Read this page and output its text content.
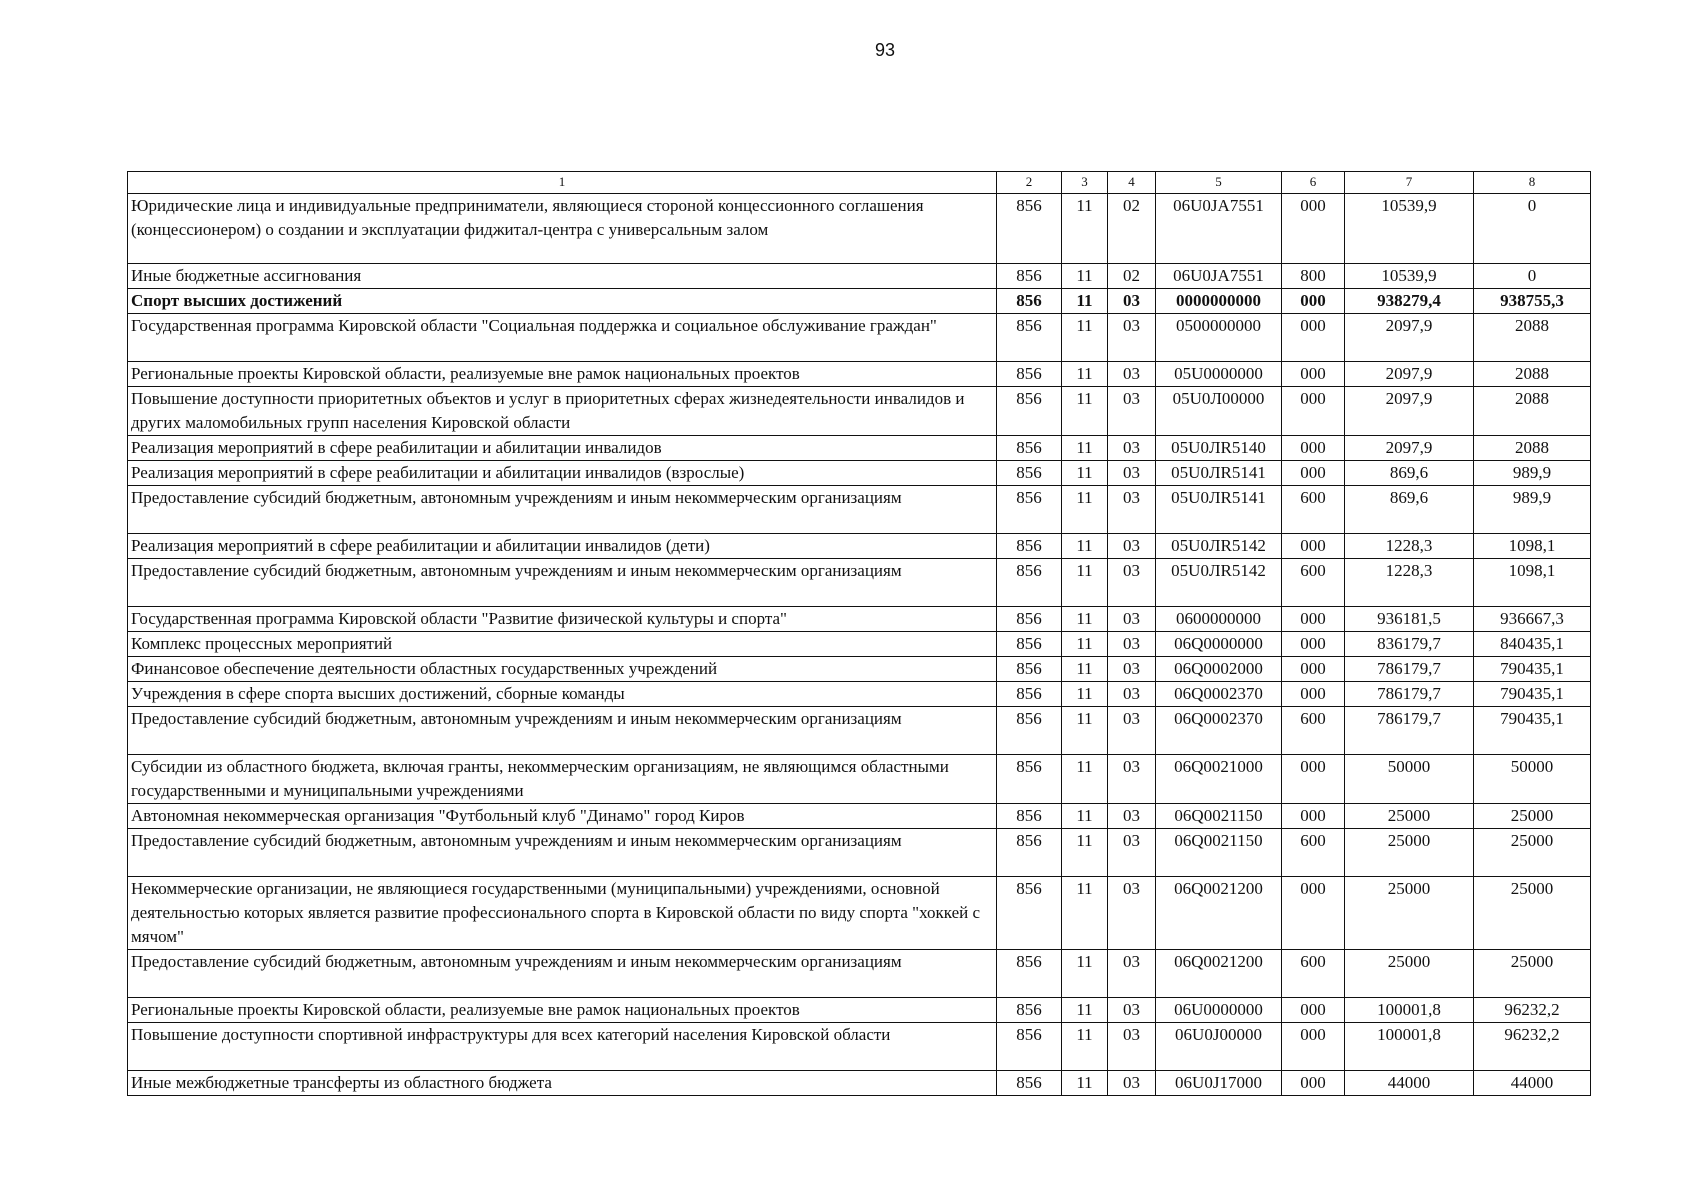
93
1	2	3	4	5	6	7	8
Юридические лица и индивидуальные предприниматели, являющиеся стороной концессионного соглашения (концессионером) о создании и эксплуатации фиджитал-центра с универсальным залом	856	11	02	06U0JA7551	000	10539,9	0
Иные бюджетные ассигнования	856	11	02	06U0JA7551	800	10539,9	0
Спорт высших достижений	856	11	03	0000000000	000	938279,4	938755,3
Государственная программа Кировской области "Социальная поддержка и социальное обслуживание граждан"	856	11	03	0500000000	000	2097,9	2088
Региональные проекты Кировской области, реализуемые вне рамок национальных проектов	856	11	03	05U0000000	000	2097,9	2088
Повышение доступности приоритетных объектов и услуг в приоритетных сферах жизнедеятельности инвалидов и других маломобильных групп населения Кировской области	856	11	03	05U0Л00000	000	2097,9	2088
Реализация мероприятий в сфере реабилитации и абилитации инвалидов	856	11	03	05U0ЛR5140	000	2097,9	2088
Реализация мероприятий в сфере реабилитации и абилитации инвалидов (взрослые)	856	11	03	05U0ЛR5141	000	869,6	989,9
Предоставление субсидий бюджетным, автономным учреждениям и иным некоммерческим организациям	856	11	03	05U0ЛR5141	600	869,6	989,9
Реализация мероприятий в сфере реабилитации и абилитации инвалидов (дети)	856	11	03	05U0ЛR5142	000	1228,3	1098,1
Предоставление субсидий бюджетным, автономным учреждениям и иным некоммерческим организациям	856	11	03	05U0ЛR5142	600	1228,3	1098,1
Государственная программа Кировской области "Развитие физической культуры и спорта"	856	11	03	0600000000	000	936181,5	936667,3
Комплекс процессных мероприятий	856	11	03	06Q0000000	000	836179,7	840435,1
Финансовое обеспечение деятельности областных государственных учреждений	856	11	03	06Q0002000	000	786179,7	790435,1
Учреждения в сфере спорта высших достижений, сборные команды	856	11	03	06Q0002370	000	786179,7	790435,1
Предоставление субсидий бюджетным, автономным учреждениям и иным некоммерческим организациям	856	11	03	06Q0002370	600	786179,7	790435,1
Субсидии из областного бюджета, включая гранты, некоммерческим организациям, не являющимся областными государственными и муниципальными учреждениями	856	11	03	06Q0021000	000	50000	50000
Автономная некоммерческая организация "Футбольный клуб "Динамо" город Киров	856	11	03	06Q0021150	000	25000	25000
Предоставление субсидий бюджетным, автономным учреждениям и иным некоммерческим организациям	856	11	03	06Q0021150	600	25000	25000
Некоммерческие организации, не являющиеся государственными (муниципальными) учреждениями, основной деятельностью которых является развитие профессионального спорта в Кировской области по виду спорта "хоккей с мячом"	856	11	03	06Q0021200	000	25000	25000
Предоставление субсидий бюджетным, автономным учреждениям и иным некоммерческим организациям	856	11	03	06Q0021200	600	25000	25000
Региональные проекты Кировской области, реализуемые вне рамок национальных проектов	856	11	03	06U0000000	000	100001,8	96232,2
Повышение доступности спортивной инфраструктуры для всех категорий населения Кировской области	856	11	03	06U0J00000	000	100001,8	96232,2
Иные межбюджетные трансферты из областного бюджета	856	11	03	06U0J17000	000	44000	44000
